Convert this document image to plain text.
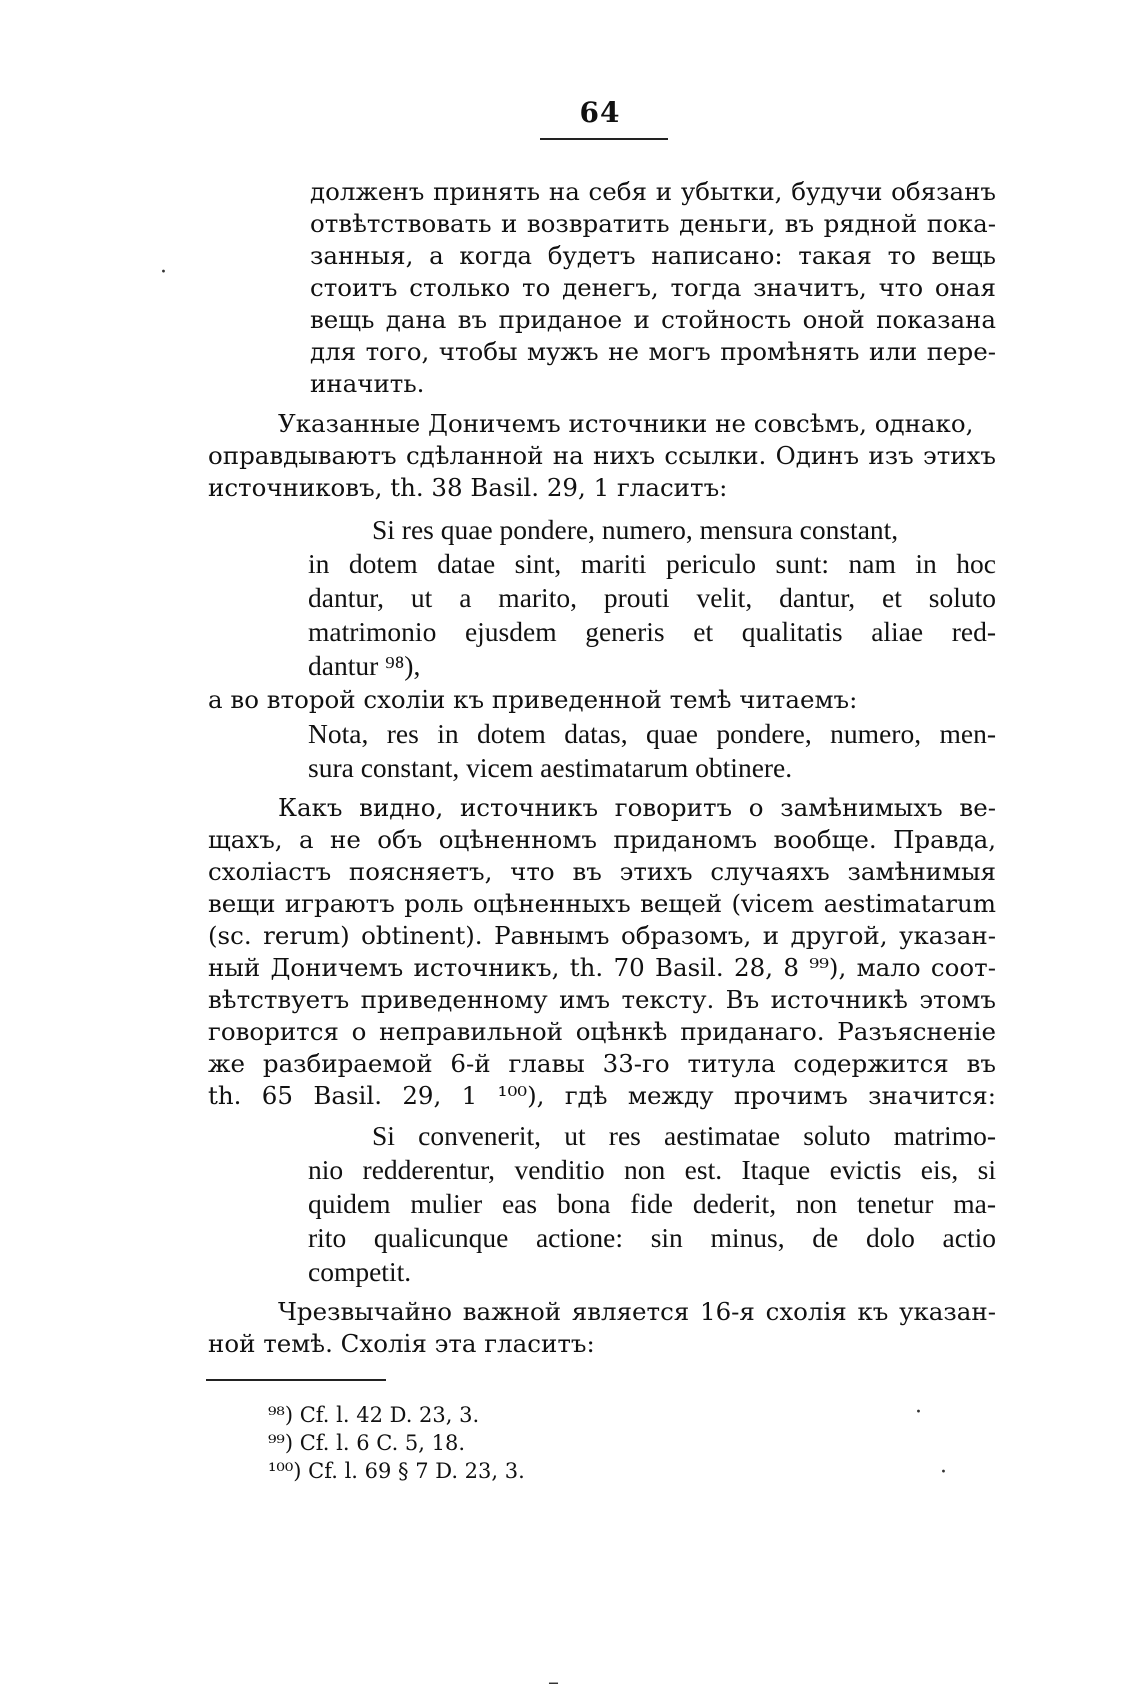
64
долженъ принять на себя и убытки, будучи обязанъ
отвѣтствовать и возвратить деньги, въ рядной пока-
занныя, а когда будетъ написано: такая то вещь
стоитъ столько то денегъ, тогда значитъ, что оная
вещь дана въ приданое и стойность оной показана
для того, чтобы мужъ не могъ промѣнять или пере-
иначить.
Указанные Доничемъ источники не совсѣмъ, однако,
оправдываютъ сдѣланной на нихъ ссылки. Одинъ изъ этихъ
источниковъ, th. 38 Basil. 29, 1 гласитъ:
Si res quae pondere, numero, mensura constant,
in dotem datae sint, mariti periculo sunt: nam in hoc
dantur, ut a marito, prouti velit, dantur, et soluto
matrimonio ejusdem generis et qualitatis aliae red-
dantur ⁹⁸),
а во второй схоліи къ приведенной темѣ читаемъ:
Nota, res in dotem datas, quae pondere, numero, men-
sura constant, vicem aestimatarum obtinere.
Какъ видно, источникъ говоритъ о замѣнимыхъ ве-
щахъ, а не объ оцѣненномъ приданомъ вообще. Правда,
схоліастъ поясняетъ, что въ этихъ случаяхъ замѣнимыя
вещи играютъ роль оцѣненныхъ вещей (vicem aestimatarum
(sc. rerum) obtinent). Равнымъ образомъ, и другой, указан-
ный Доничемъ источникъ, th. 70 Basil. 28, 8 ⁹⁹), мало соот-
вѣтствуетъ приведенному имъ тексту. Въ источникѣ этомъ
говорится о неправильной оцѣнкѣ приданаго. Разъясненіе
же разбираемой 6-й главы 33-го титула содержится въ
th. 65 Basil. 29, 1 ¹⁰⁰), гдѣ между прочимъ значится:
Si convenerit, ut res aestimatae soluto matrimo-
nio redderentur, venditio non est. Itaque evictis eis, si
quidem mulier eas bona fide dederit, non tenetur ma-
rito qualicunque actione: sin minus, de dolo actio
competit.
Чрезвычайно важной является 16-я схолія къ указан-
ной темѣ. Схолія эта гласитъ:
⁹⁸) Cf. l. 42 D. 23, 3.
⁹⁹) Cf. l. 6 C. 5, 18.
¹⁰⁰) Cf. l. 69 § 7 D. 23, 3.
·
·
·
–
